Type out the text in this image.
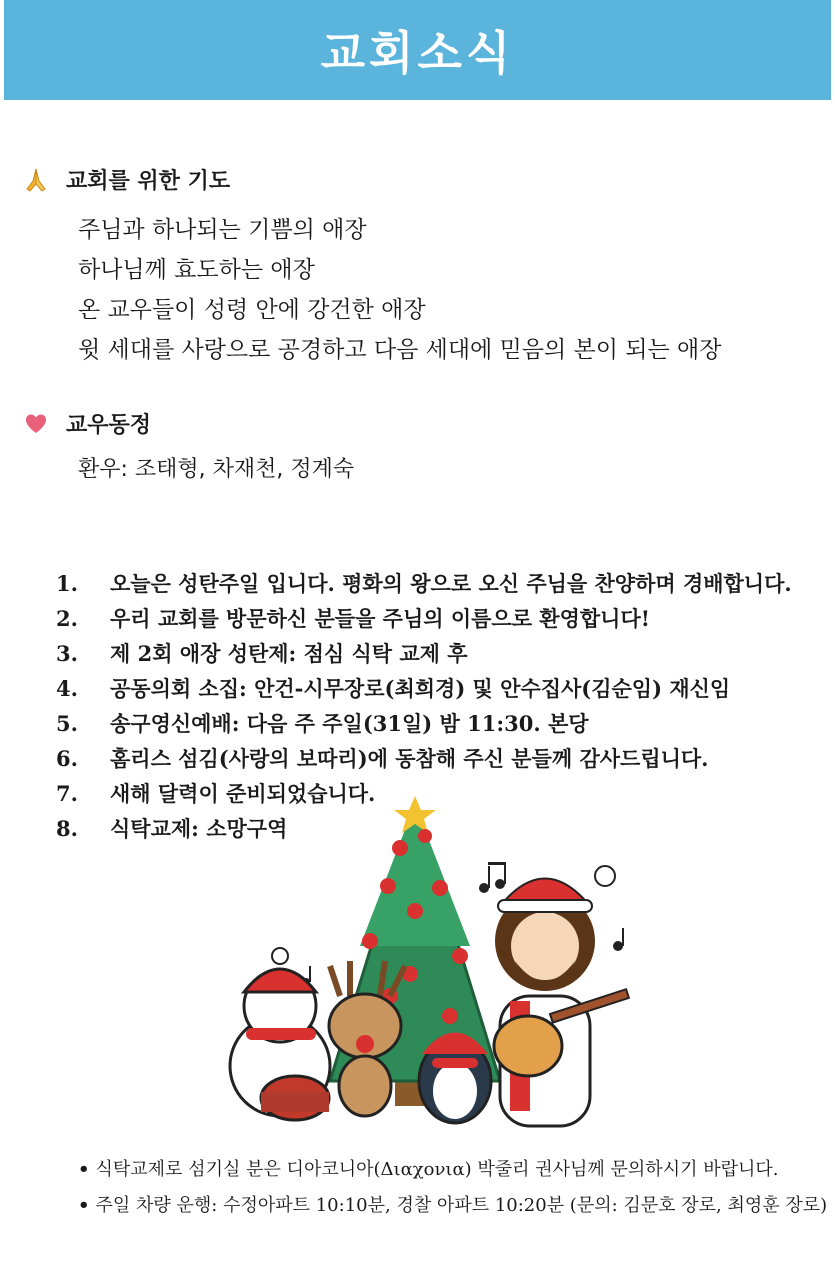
교회소식
교회를 위한 기도
주님과 하나되는 기쁨의 애장
하나님께 효도하는 애장
온 교우들이 성령 안에 강건한 애장
윗 세대를 사랑으로 공경하고 다음 세대에 믿음의 본이 되는 애장
교우동정
환우: 조태형, 차재천, 정계숙
1.	오늘은 성탄주일 입니다. 평화의 왕으로 오신 주님을 찬양하며 경배합니다.
2.	우리 교회를 방문하신 분들을 주님의 이름으로 환영합니다!
3.	제 2회 애장 성탄제: 점심 식탁 교제 후
4.	공동의회 소집: 안건-시무장로(최희경) 및 안수집사(김순임) 재신임
5.	송구영신예배: 다음 주 주일(31일) 밤 11:30. 본당
6.	홈리스 섬김(사랑의 보따리)에 동참해 주신 분들께 감사드립니다.
7.	새해 달력이 준비되었습니다.
8.	식탁교제: 소망구역
• 식탁교제로 섬기실 분은 디아코니아(Διαχονια) 박줄리 권사님께 문의하시기 바랍니다.
• 주일 차량 운행: 수정아파트 10:10분, 경찰 아파트 10:20분 (문의: 김문호 장로, 최영훈 장로)
